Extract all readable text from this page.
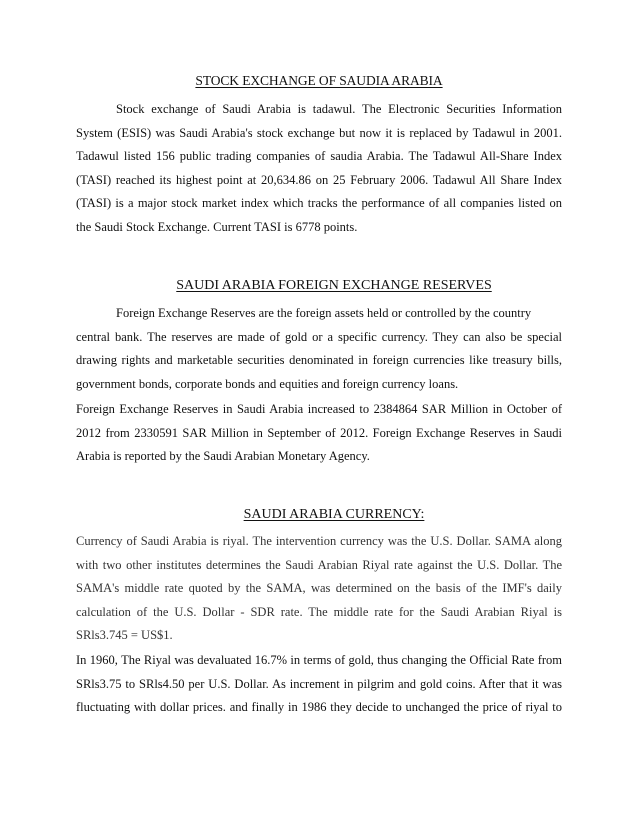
STOCK EXCHANGE OF SAUDIA ARABIA
Stock exchange of Saudi Arabia is tadawul. The Electronic Securities Information
System (ESIS) was Saudi Arabia's stock exchange but now it is replaced by Tadawul in 2001.
Tadawul listed 156 public trading companies of saudia Arabia. The Tadawul All-Share Index
(TASI) reached its highest point at 20,634.86 on 25 February 2006. Tadawul All Share Index
(TASI) is a major stock market index which tracks the performance of all companies listed on
the Saudi Stock Exchange. Current TASI is 6778 points.
SAUDI ARABIA FOREIGN EXCHANGE RESERVES
Foreign Exchange Reserves are the foreign assets held or controlled by the country
central bank. The reserves are made of gold or a specific currency. They can also be special
drawing rights and marketable securities denominated in foreign currencies like treasury bills,
government bonds, corporate bonds and equities and foreign currency loans.
Foreign Exchange Reserves in Saudi Arabia increased to 2384864 SAR Million in October of
2012 from 2330591 SAR Million in September of 2012. Foreign Exchange Reserves in Saudi
Arabia is reported by the Saudi Arabian Monetary Agency.
SAUDI ARABIA CURRENCY:
Currency of Saudi Arabia is riyal. The intervention currency was the U.S. Dollar. SAMA along
with two other institutes determines the Saudi Arabian Riyal rate against the U.S. Dollar. The
SAMA's middle rate quoted by the SAMA, was determined on the basis of the IMF's daily
calculation of the U.S. Dollar - SDR rate. The middle rate for the Saudi Arabian Riyal is
SRls3.745 = US$1.
In 1960, The Riyal was devaluated 16.7% in terms of gold, thus changing the Official Rate from
SRls3.75 to SRls4.50 per U.S. Dollar. As increment in pilgrim and gold coins. After that it was
fluctuating with dollar prices. and finally in 1986 they decide to unchanged the price of riyal to
